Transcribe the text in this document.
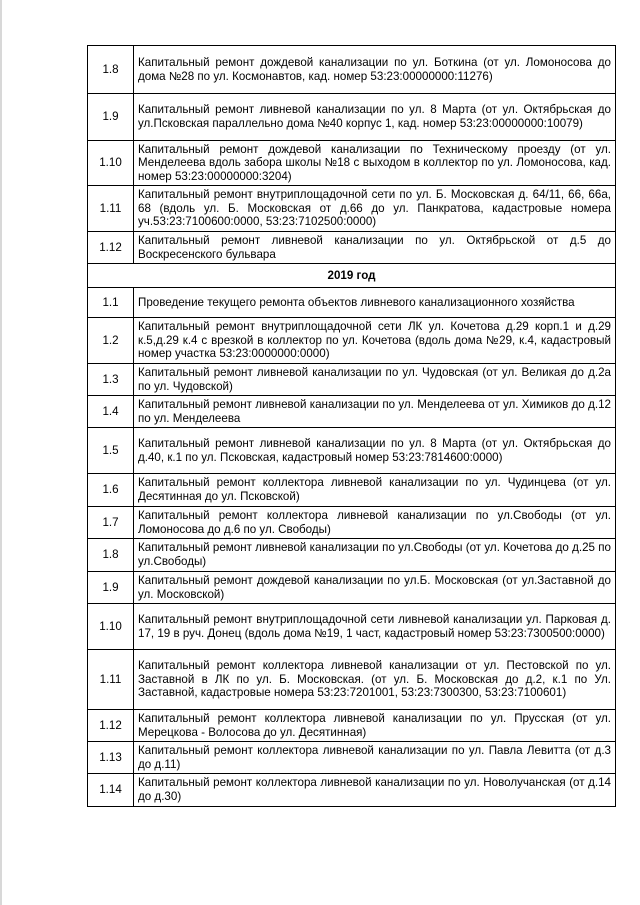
1.8	Капитальный ремонт дождевой канализации по ул. Боткина (от ул. Ломоносова до дома №28 по ул. Космонавтов, кад. номер 53:23:00000000:11276)
1.9	Капитальный ремонт ливневой канализации по ул. 8 Марта (от ул. Октябрьская до ул.Псковская параллельно дома №40 корпус 1, кад. номер 53:23:00000000:10079)
1.10	Капитальный ремонт дождевой канализации по Техническому проезду (от ул. Менделеева вдоль забора школы №18 с выходом в коллектор по ул. Ломоносова, кад. номер 53:23:00000000:3204)
1.11	Капитальный ремонт внутриплощадочной сети по ул. Б. Московская д. 64/11, 66, 66а, 68 (вдоль ул. Б. Московская от д.66 до ул. Панкратова, кадастровые номера уч.53:23:7100600:0000, 53:23:7102500:0000)
1.12	Капитальный ремонт ливневой канализации по ул. Октябрьской от д.5 до Воскресенского бульвара
2019 год	
1.1	Проведение текущего ремонта объектов ливневого канализационного хозяйства
1.2	Капитальный ремонт внутриплощадочной сети ЛК ул. Кочетова д.29 корп.1 и д.29 к.5,д.29 к.4 с врезкой в коллектор по ул. Кочетова (вдоль дома №29, к.4, кадастровый номер участка 53:23:0000000:0000)
1.3	Капитальный ремонт ливневой канализации по ул. Чудовская (от ул. Великая до д.2а по ул. Чудовской)
1.4	Капитальный ремонт ливневой канализации по ул. Менделеева от ул. Химиков до д.12 по ул. Менделеева
1.5	Капитальный ремонт ливневой канализации по ул. 8 Марта (от ул. Октябрьская до д.40, к.1 по ул. Псковская, кадастровый номер 53:23:7814600:0000)
1.6	Капитальный ремонт коллектора ливневой канализации по ул. Чудинцева (от ул. Десятинная до ул. Псковской)
1.7	Капитальный ремонт коллектора ливневой канализации по ул.Свободы (от ул. Ломоносова до д.6 по ул. Свободы)
1.8	Капитальный ремонт ливневой канализации по ул.Свободы (от ул. Кочетова до д.25 по ул.Свободы)
1.9	Капитальный ремонт дождевой канализации по ул.Б. Московская (от ул.Заставной до ул. Московской)
1.10	Капитальный ремонт внутриплощадочной сети ливневой канализации ул. Парковая д. 17, 19 в руч. Донец (вдоль дома №19, 1 част, кадастровый номер 53:23:7300500:0000)
1.11	Капитальный ремонт коллектора ливневой канализации от ул. Пестовской по ул. Заставной в ЛК по ул. Б. Московская. (от ул. Б. Московская до д.2, к.1 по Ул. Заставной, кадастровые номера 53:23:7201001, 53:23:7300300, 53:23:7100601)
1.12	Капитальный ремонт коллектора ливневой канализации по ул. Прусская (от ул. Мерецкова - Волосова до ул. Десятинная)
1.13	Капитальный ремонт коллектора ливневой канализации по ул. Павла Левитта (от д.3 до д.11)
1.14	Капитальный ремонт коллектора ливневой канализации по ул. Новолучанская (от д.14 до д.30)
